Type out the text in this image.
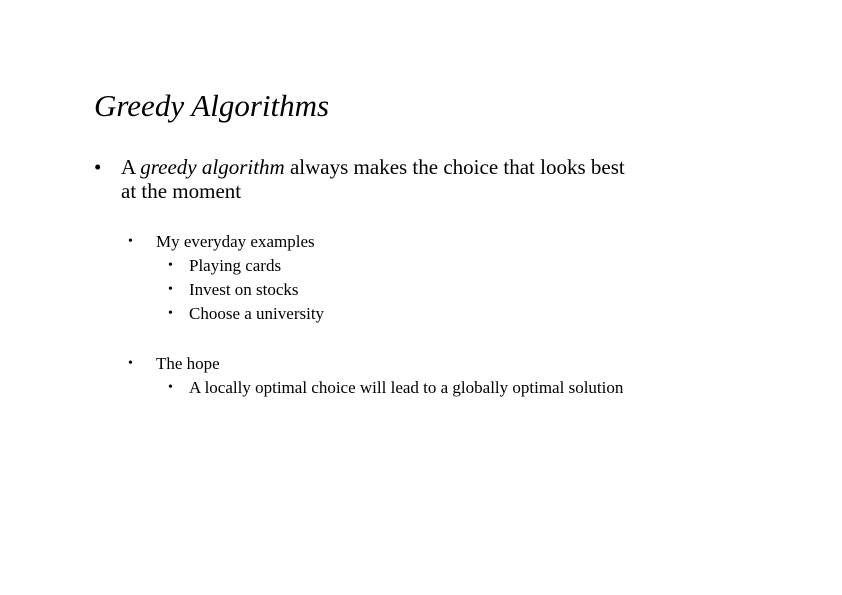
Greedy Algorithms
• A greedy algorithm always makes the choice that looks best
at the moment
• My everyday examples
• Playing cards
• Invest on stocks
• Choose a university
• The hope
• A locally optimal choice will lead to a globally optimal solution
